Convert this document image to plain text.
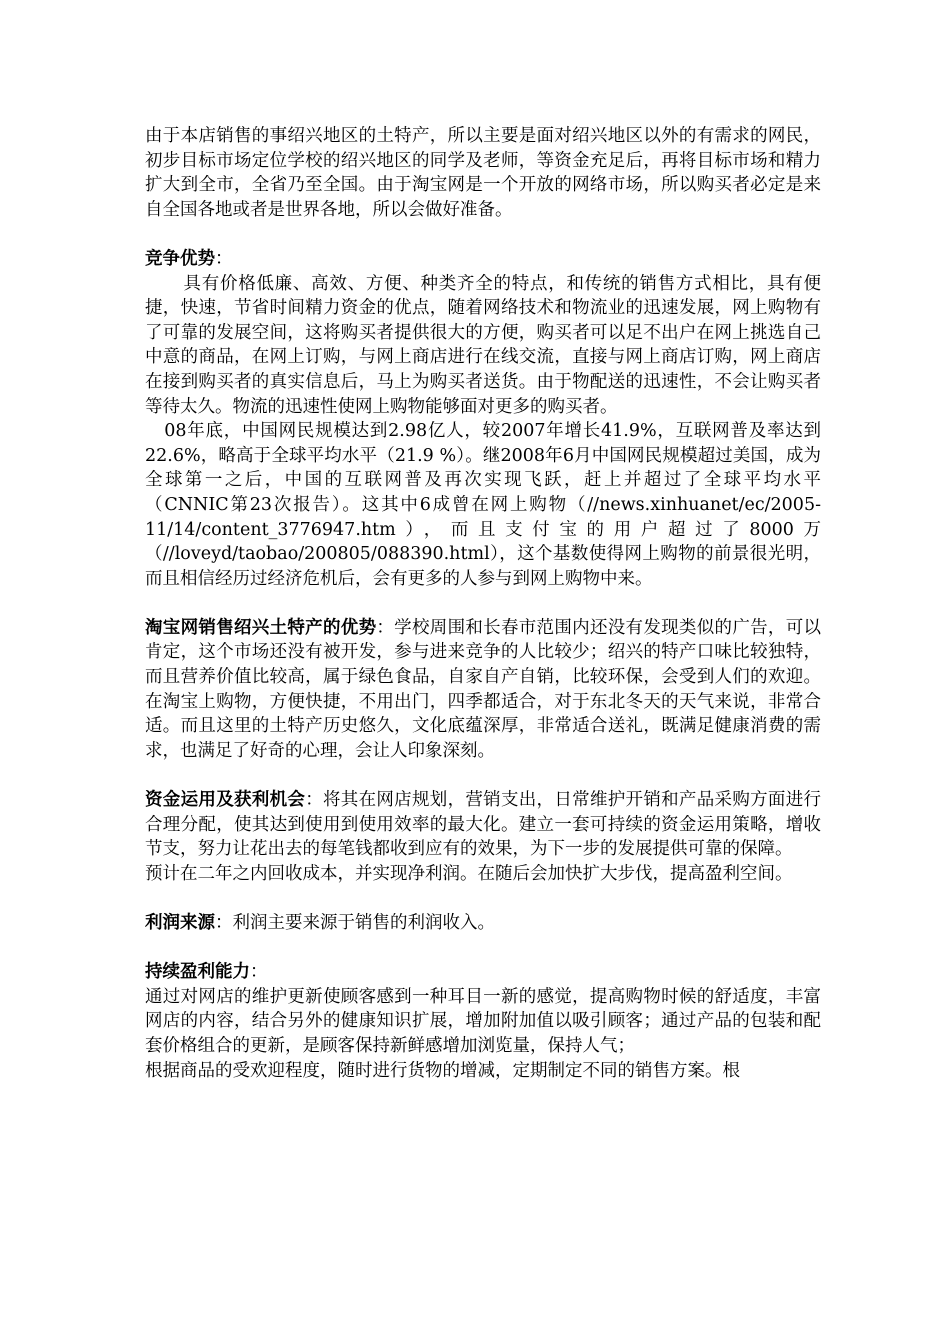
由于本店销售的事绍兴地区的土特产，所以主要是面对绍兴地区以外的有需求的网民，初步目标市场定位学校的绍兴地区的同学及老师，等资金充足后，再将目标市场和精力扩大到全市，全省乃至全国。由于淘宝网是一个开放的网络市场，所以购买者必定是来自全国各地或者是世界各地，所以会做好准备。

竞争优势：

具有价格低廉、高效、方便、种类齐全的特点，和传统的销售方式相比，具有便捷，快速，节省时间精力资金的优点，随着网络技术和物流业的迅速发展，网上购物有了可靠的发展空间，这将购买者提供很大的方便，购买者可以足不出户在网上挑选自己中意的商品，在网上订购，与网上商店进行在线交流，直接与网上商店订购，网上商店在接到购买者的真实信息后，马上为购买者送货。由于物配送的迅速性，不会让购买者等待太久。物流的迅速性使网上购物能够面对更多的购买者。

08年底，中国网民规模达到2.98亿人，较2007年增长41.9%，互联网普及率达到22.6%，略高于全球平均水平（21.9 %）。继2008年6月中国网民规模超过美国，成为全球第一之后，中国的互联网普及再次实现飞跃，赶上并超过了全球平均水平（CNNIC第23次报告）。这其中6成曾在网上购物（//news.xinhuanet/ec/2005-11/14/content_3776947.htm），而且支付宝的用户超过了8000万（//loveyd/taobao/200805/088390.html），这个基数使得网上购物的前景很光明，而且相信经历过经济危机后，会有更多的人参与到网上购物中来。

淘宝网销售绍兴土特产的优势：学校周围和长春市范围内还没有发现类似的广告，可以肯定，这个市场还没有被开发，参与进来竞争的人比较少；绍兴的特产口味比较独特，而且营养价值比较高，属于绿色食品，自家自产自销，比较环保，会受到人们的欢迎。在淘宝上购物，方便快捷，不用出门，四季都适合，对于东北冬天的天气来说，非常合适。而且这里的土特产历史悠久，文化底蕴深厚，非常适合送礼，既满足健康消费的需求，也满足了好奇的心理，会让人印象深刻。

资金运用及获利机会：将其在网店规划，营销支出，日常维护开销和产品采购方面进行合理分配，使其达到使用到使用效率的最大化。建立一套可持续的资金运用策略，增收节支，努力让花出去的每笔钱都收到应有的效果，为下一步的发展提供可靠的保障。

预计在二年之内回收成本，并实现净利润。在随后会加快扩大步伐，提高盈利空间。

利润来源：利润主要来源于销售的利润收入。

持续盈利能力：

通过对网店的维护更新使顾客感到一种耳目一新的感觉，提高购物时候的舒适度，丰富网店的内容，结合另外的健康知识扩展，增加附加值以吸引顾客；通过产品的包装和配套价格组合的更新，是顾客保持新鲜感增加浏览量，保持人气；

根据商品的受欢迎程度，随时进行货物的增减，定期制定不同的销售方案。根
